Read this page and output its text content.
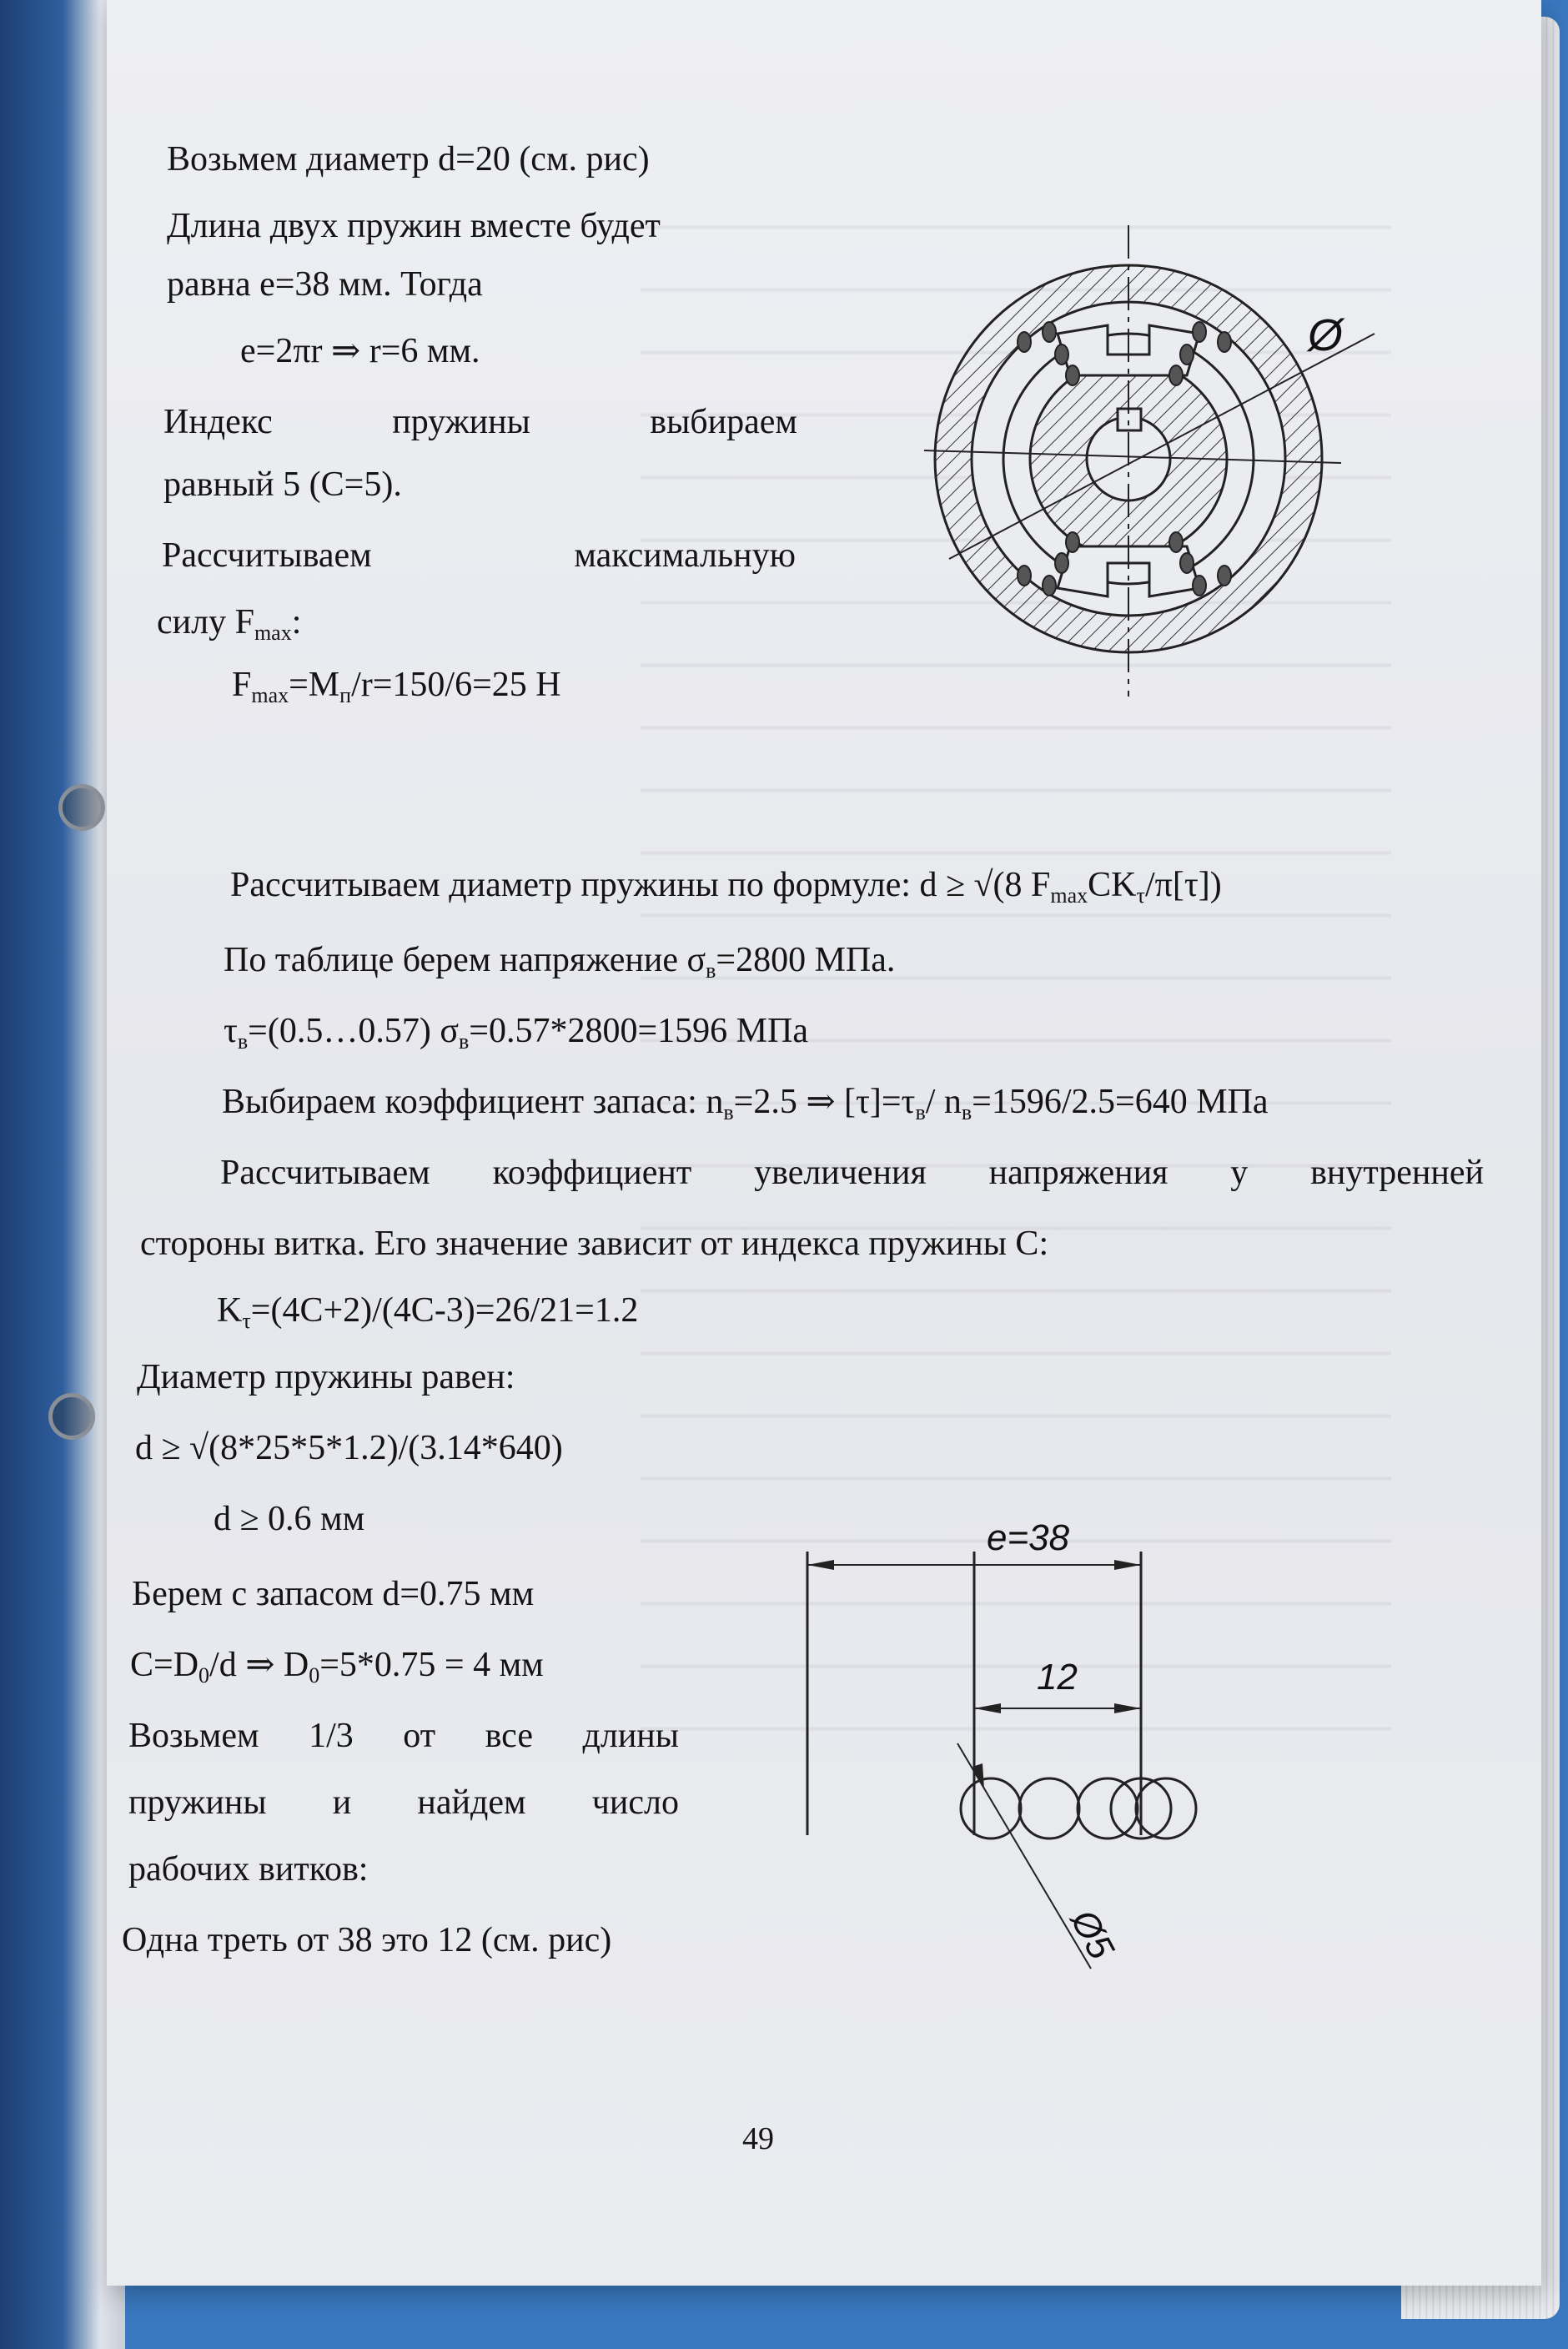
Возьмем диаметр d=20 (см. рис)
Длина двух пружин вместе будет
равна e=38 мм. Тогда
e=2πr ⇒ r=6 мм.
Индекс	пружины	выбираем
равный 5 (C=5).
Рассчитываем	максимальную
силу $F_{max}$:
$F_{max}=M_п/r=150/6=25$ Н
Рассчитываем диаметр пружины по формуле: d ≥ √(8 $F_{max}CK_\tau/\pi[\tau]$)
По таблице берем напряжение $\sigma_в=2800$ МПа.
$\tau_в=(0.5\dots 0.57)$ $\sigma_в=0.57*2800=1596$ МПа
Выбираем коэффициент запаса: $n_в=2.5$ ⇒ $[\tau]=\tau_в/$ $n_в=1596/2.5=640$ МПа
Рассчитываем коэффициент увеличения напряжения у внутренней
стороны витка. Его значение зависит от индекса пружины C:
$K_\tau=(4C+2)/(4C-3)=26/21=1.2$
Диаметр пружины равен:
d ≥ √(8*25*5*1.2)/(3.14*640)
d ≥ 0.6 мм
Берем с запасом d=0.75 мм
$C=D_0/d$ ⇒ $D_0=5*0.75 = 4$ мм
Возьмем 1/3 от все длины
пружины и найдем число
рабочих витков:
Одна треть от 38 это 12 (см. рис)
49
Ø
e=38
12
Ø5
